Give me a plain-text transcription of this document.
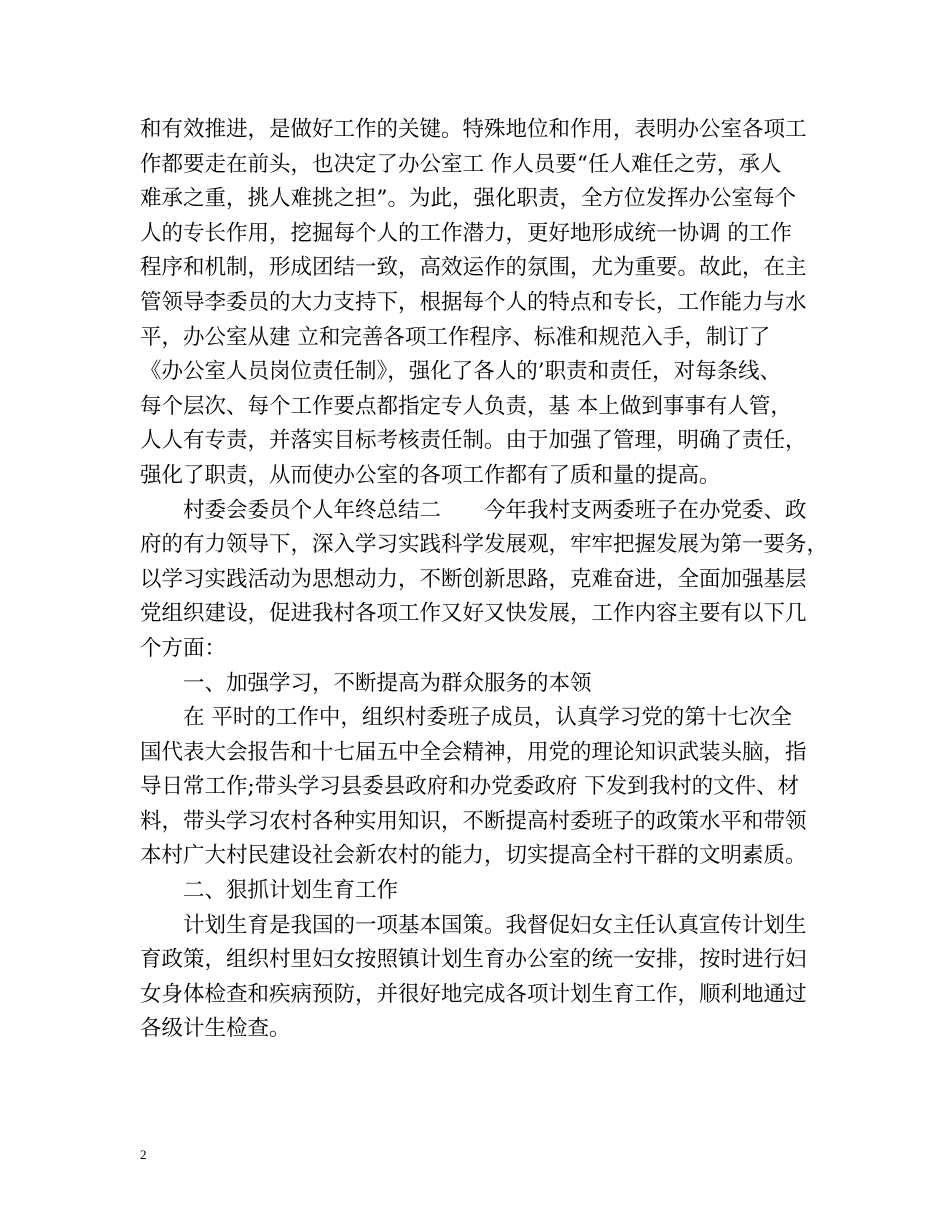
和有效推进，是做好工作的关键。特殊地位和作用，表明办公室各项工
作都要走在前头，也决定了办公室工 作人员要“任人难任之劳，承人
难承之重，挑人难挑之担”。为此，强化职责，全方位发挥办公室每个
人的专长作用，挖掘每个人的工作潜力，更好地形成统一协调 的工作
程序和机制，形成团结一致，高效运作的氛围，尤为重要。故此，在主
管领导李委员的大力支持下，根据每个人的特点和专长，工作能力与水
平，办公室从建 立和完善各项工作程序、标准和规范入手，制订了
《办公室人员岗位责任制》，强化了各人的’职责和责任，对每条线、
每个层次、每个工作要点都指定专人负责，基 本上做到事事有人管，
人人有专责，并落实目标考核责任制。由于加强了管理，明确了责任，
强化了职责，从而使办公室的各项工作都有了质和量的提高。
村委会委员个人年终总结二　　今年我村支两委班子在办党委、政
府的有力领导下，深入学习实践科学发展观，牢牢把握发展为第一要务，
以学习实践活动为思想动力，不断创新思路，克难奋进，全面加强基层
党组织建设，促进我村各项工作又好又快发展，工作内容主要有以下几
个方面：
一、加强学习，不断提高为群众服务的本领
在 平时的工作中，组织村委班子成员，认真学习党的第十七次全
国代表大会报告和十七届五中全会精神，用党的理论知识武装头脑，指
导日常工作;带头学习县委县政府和办党委政府 下发到我村的文件、材
料，带头学习农村各种实用知识，不断提高村委班子的政策水平和带领
本村广大村民建设社会新农村的能力，切实提高全村干群的文明素质。
二、狠抓计划生育工作
计划生育是我国的一项基本国策。我督促妇女主任认真宣传计划生
育政策，组织村里妇女按照镇计划生育办公室的统一安排，按时进行妇
女身体检查和疾病预防，并很好地完成各项计划生育工作，顺利地通过
各级计生检查。
2
